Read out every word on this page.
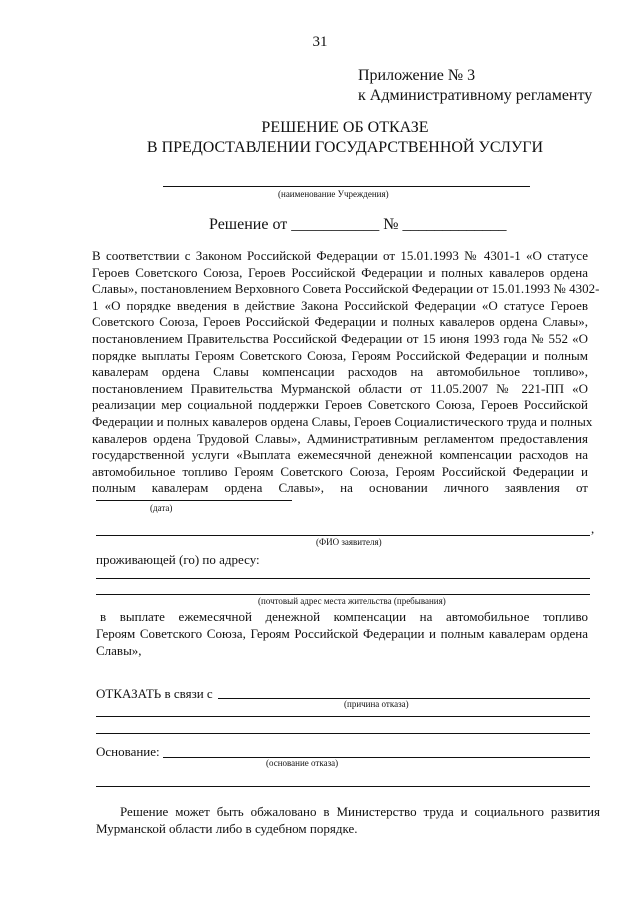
31
Приложение № 3
к Административному регламенту
РЕШЕНИЕ ОБ ОТКАЗЕ
В ПРЕДОСТАВЛЕНИИ ГОСУДАРСТВЕННОЙ УСЛУГИ
(наименование Учреждения)
Решение от ___________ № _____________
В соответствии с Законом Российской Федерации от 15.01.1993 № 4301-1 «О статусе
Героев Советского Союза, Героев Российской Федерации и полных кавалеров ордена
Славы», постановлением Верховного Совета Российской Федерации от 15.01.1993 № 4302-
1 «О порядке введения в действие Закона Российской Федерации «О статусе Героев
Советского Союза, Героев Российской Федерации и полных кавалеров ордена Славы»,
постановлением Правительства Российской Федерации от 15 июня 1993 года № 552 «О
порядке выплаты Героям Советского Союза, Героям Российской Федерации и полным
кавалерам ордена Славы компенсации расходов на автомобильное топливо»,
постановлением Правительства Мурманской области от 11.05.2007 № 221-ПП «О
реализации мер социальной поддержки Героев Советского Союза, Героев Российской
Федерации и полных кавалеров ордена Славы, Героев Социалистического труда и полных
кавалеров ордена Трудовой Славы», Административным регламентом предоставления
государственной услуги «Выплата ежемесячной денежной компенсации расходов на
автомобильное топливо Героям Советского Союза, Героям Российской Федерации и
полным кавалерам ордена Славы», на основании личного заявления от
(дата)
,
(ФИО заявителя)
проживающей (го) по адресу:
(почтовый адрес места жительства (пребывания)
в выплате ежемесячной денежной компенсации на автомобильное топливо
Героям Советского Союза, Героям Российской Федерации и полным кавалерам ордена
Славы»,
ОТКАЗАТЬ в связи с
(причина отказа)
Основание:
(основание отказа)
Решение может быть обжаловано в Министерство труда и социального развития
Мурманской области либо в судебном порядке.
